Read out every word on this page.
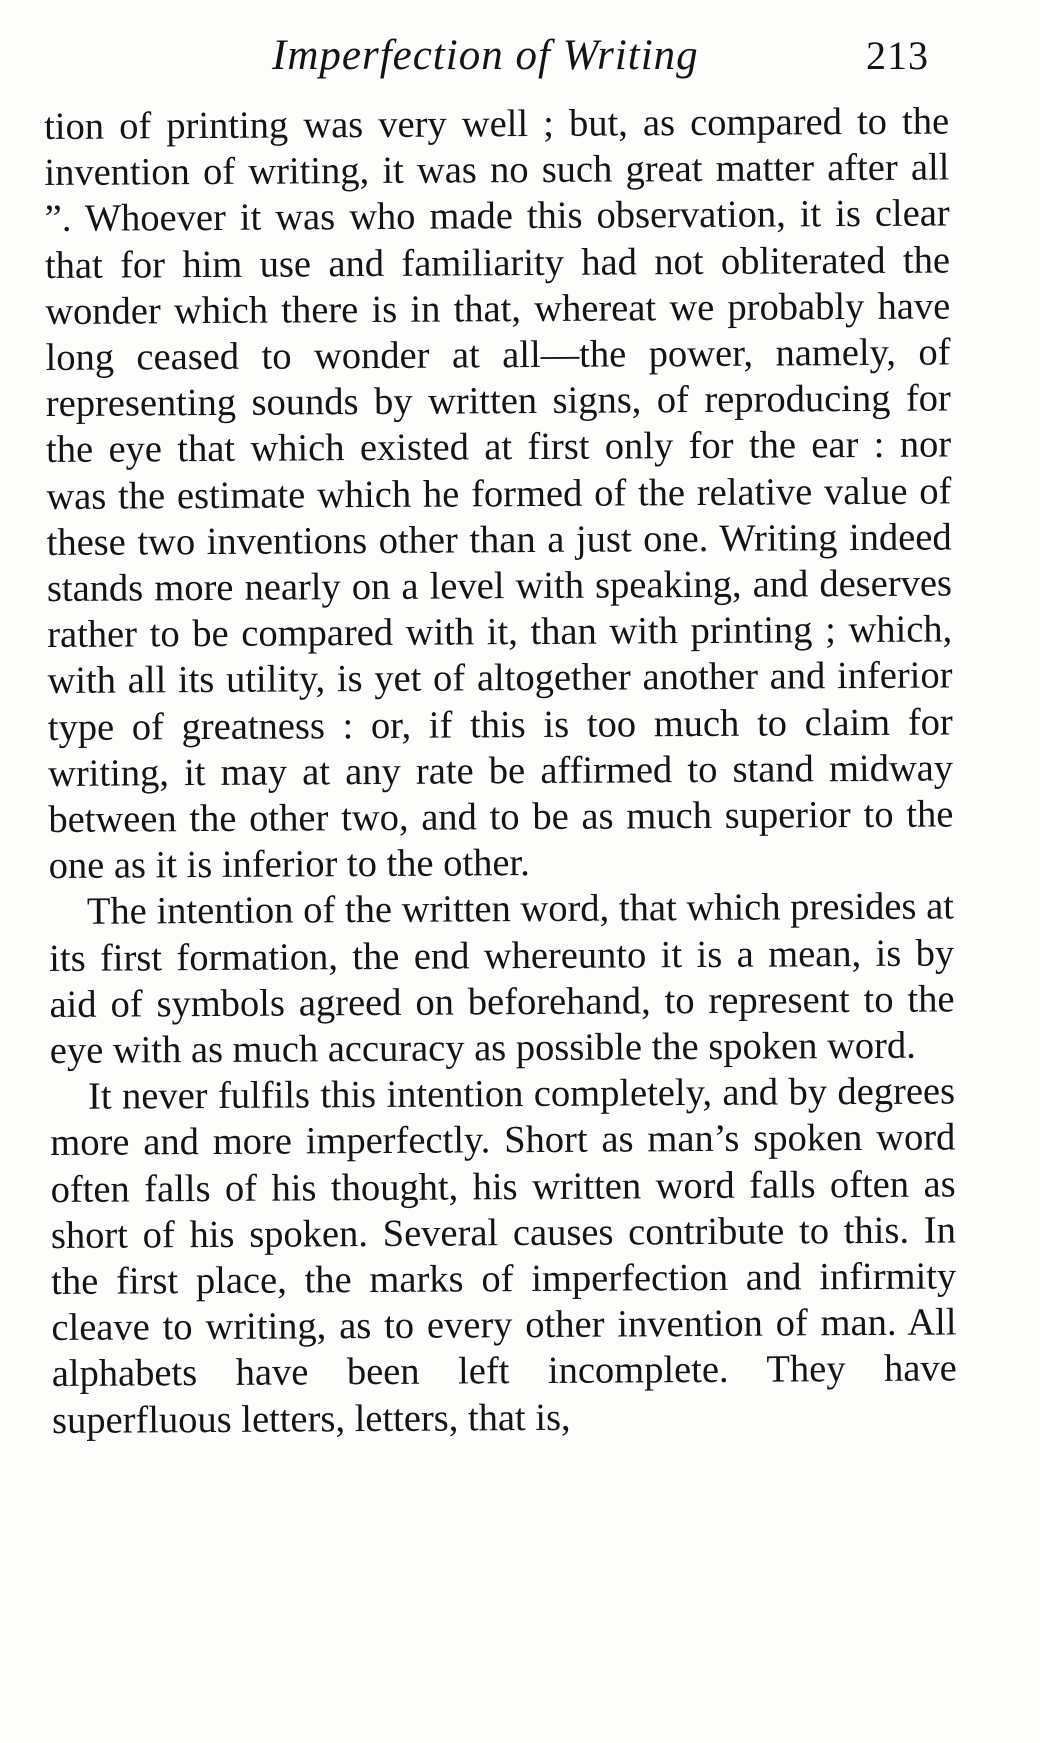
Imperfection of Writing	213

tion of printing was very well ; but, as compared to the invention of writing, it was no such great matter after all ”. Whoever it was who made this observation, it is clear that for him use and familiarity had not obliterated the wonder which there is in that, whereat we probably have long ceased to wonder at all—the power, namely, of representing sounds by written signs, of reproducing for the eye that which existed at first only for the ear : nor was the estimate which he formed of the relative value of these two inventions other than a just one. Writing indeed stands more nearly on a level with speaking, and deserves rather to be compared with it, than with printing ; which, with all its utility, is yet of altogether another and inferior type of greatness : or, if this is too much to claim for writing, it may at any rate be affirmed to stand midway between the other two, and to be as much superior to the one as it is inferior to the other.

The intention of the written word, that which presides at its first formation, the end whereunto it is a mean, is by aid of symbols agreed on beforehand, to represent to the eye with as much accuracy as possible the spoken word.

It never fulfils this intention completely, and by degrees more and more imperfectly. Short as man’s spoken word often falls of his thought, his written word falls often as short of his spoken. Several causes contribute to this. In the first place, the marks of imperfection and infirmity cleave to writing, as to every other invention of man. All alphabets have been left incomplete. They have superfluous letters, letters, that is,
